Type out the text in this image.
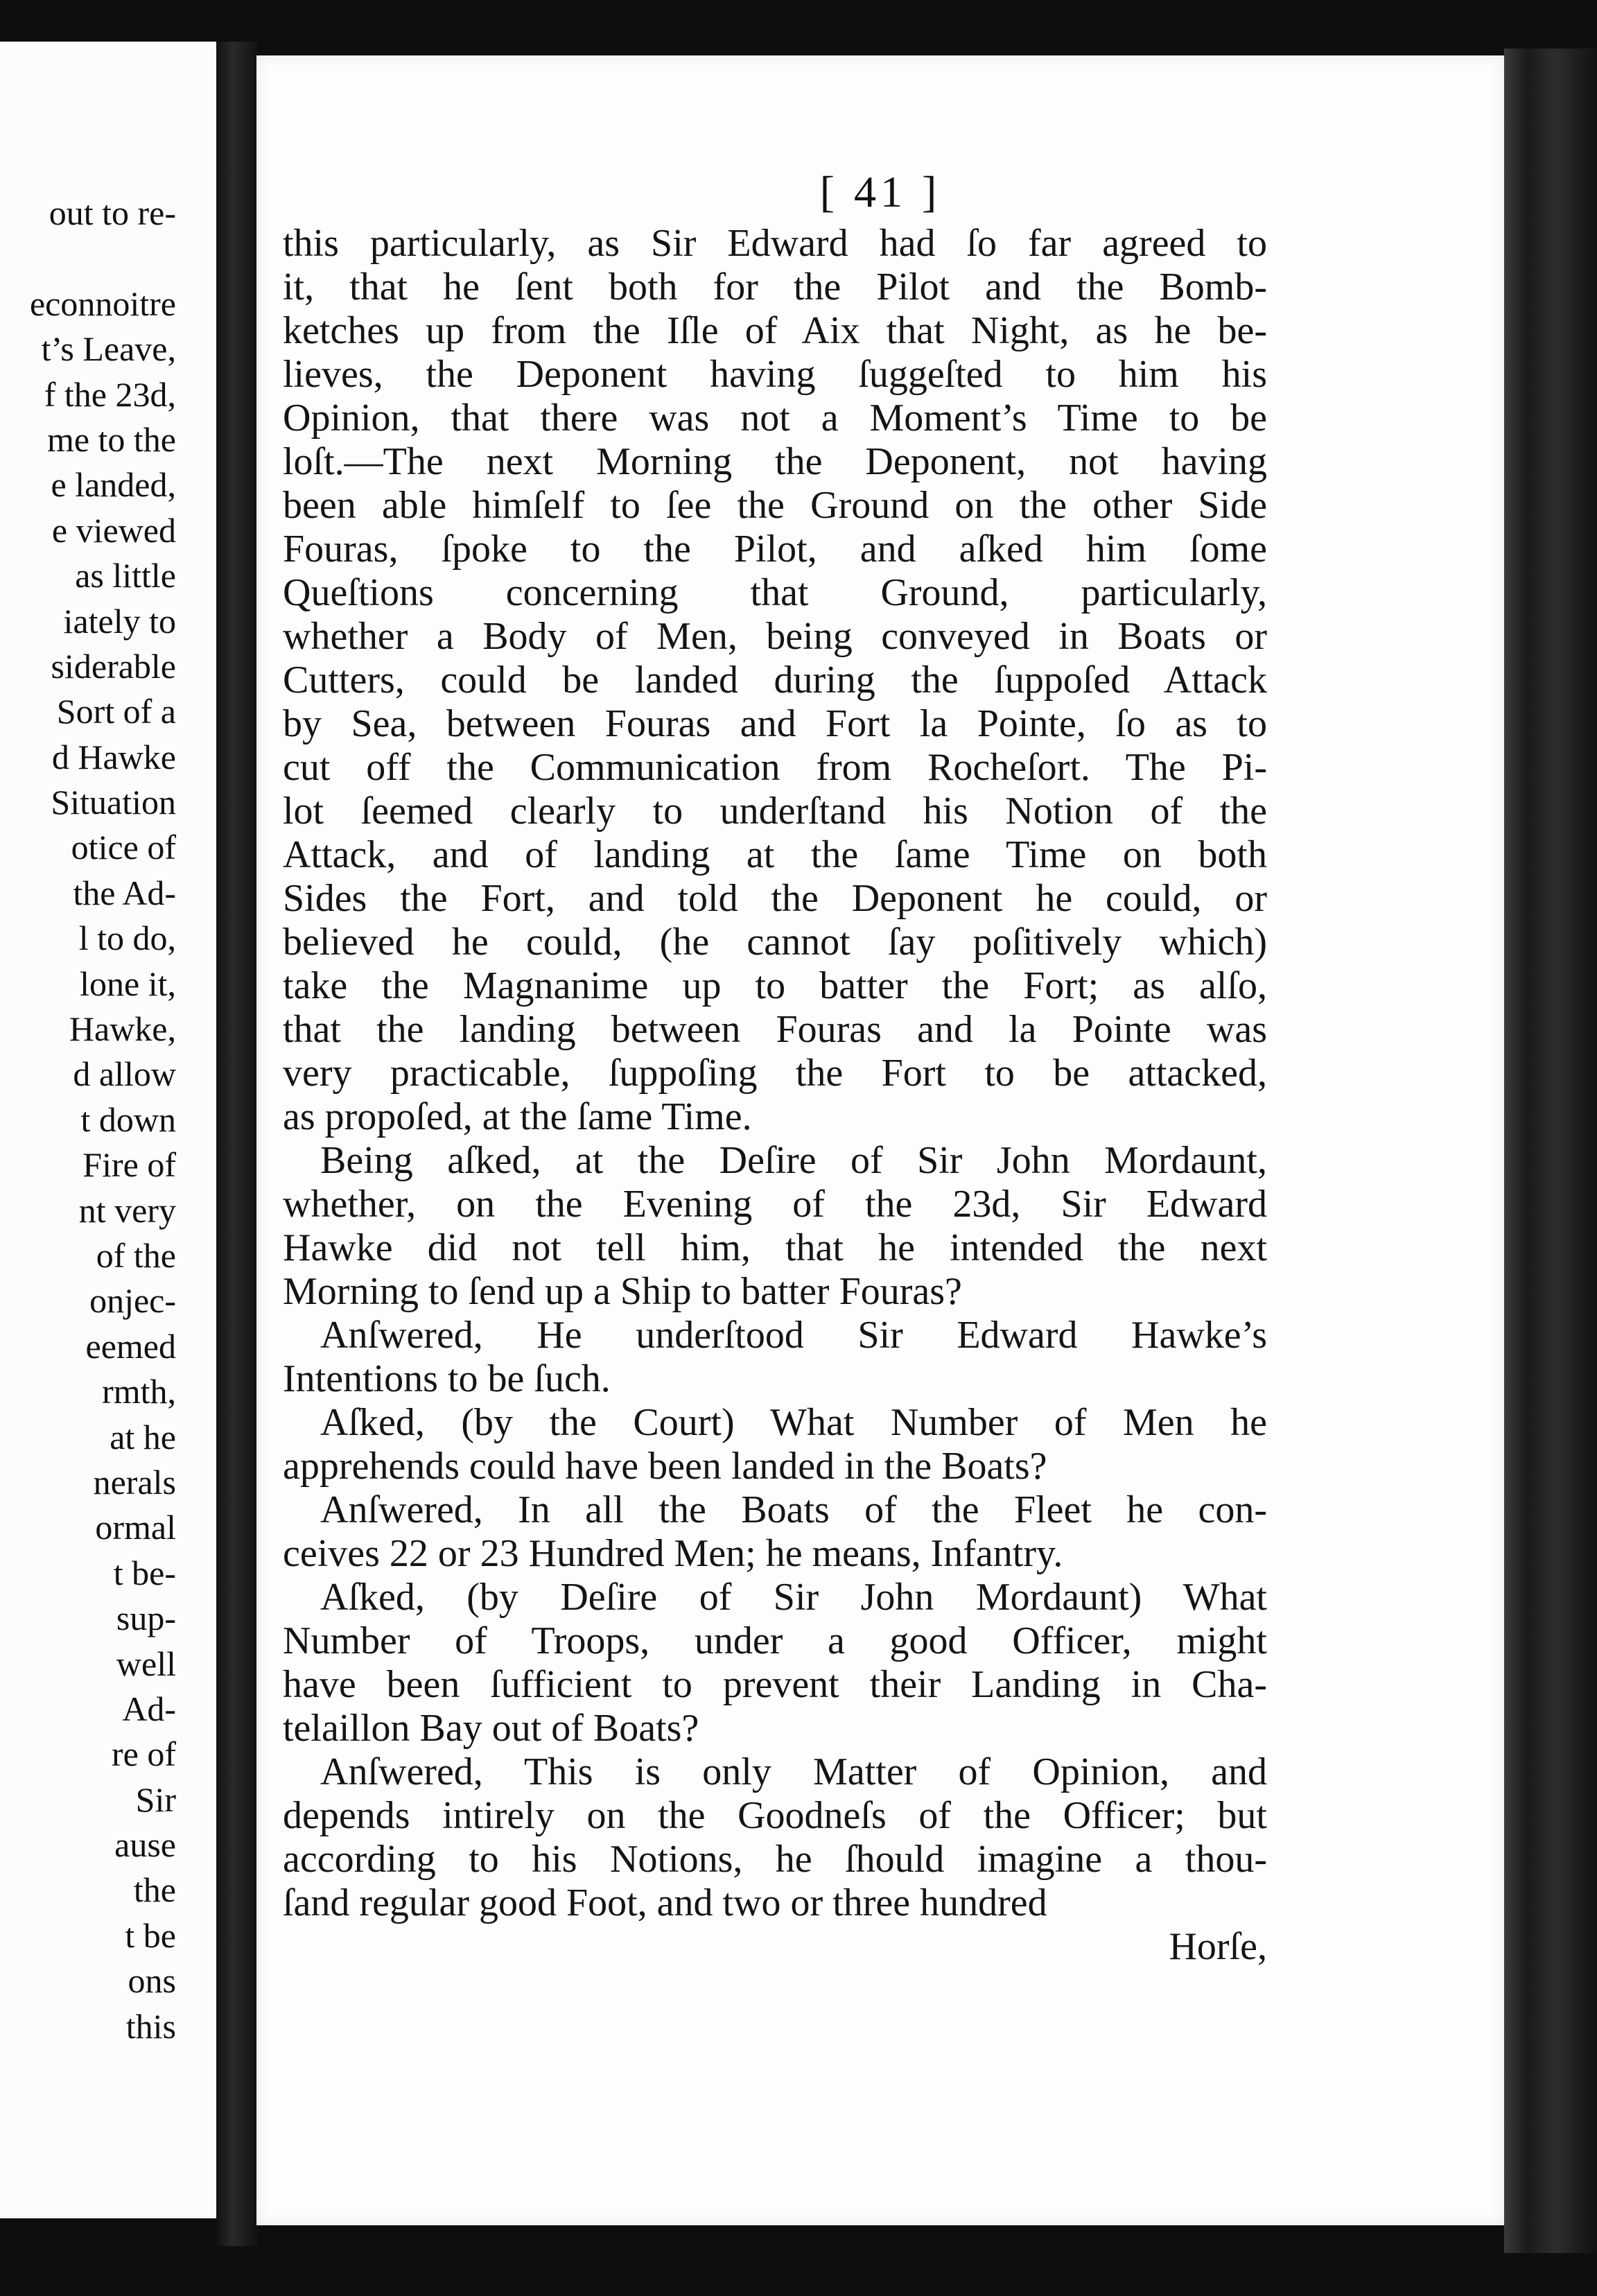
out to re-
econnoitre
t’s Leave,
f the 23d,
me to the
e landed,
e viewed
as little
iately to
siderable
Sort of a
d Hawke
Situation
otice of
the Ad-
l to do,
lone it,
Hawke,
d allow
t down
Fire of
nt very
of the
onjec-
eemed
rmth,
at he
nerals
ormal
t be-
sup-
well
Ad-
re of
Sir
ause
the
t be
ons
this
[ 41 ]
this particularly, as Sir Edward had ſo far agreed to
it, that he ſent both for the Pilot and the Bomb-
ketches up from the Iſle of Aix that Night, as he be-
lieves, the Deponent having ſuggeſted to him his
Opinion, that there was not a Moment’s Time to be
loſt.—The next Morning the Deponent, not having
been able himſelf to ſee the Ground on the other Side
Fouras, ſpoke to the Pilot, and aſked him ſome
Queſtions concerning that Ground, particularly,
whether a Body of Men, being conveyed in Boats or
Cutters, could be landed during the ſuppoſed Attack
by Sea, between Fouras and Fort la Pointe, ſo as to
cut off the Communication from Rocheſort. The Pi-
lot ſeemed clearly to underſtand his Notion of the
Attack, and of landing at the ſame Time on both
Sides the Fort, and told the Deponent he could, or
believed he could, (he cannot ſay poſitively which)
take the Magnanime up to batter the Fort; as alſo,
that the landing between Fouras and la Pointe was
very practicable, ſuppoſing the Fort to be attacked,
as propoſed, at the ſame Time.
Being aſked, at the Deſire of Sir John Mordaunt,
whether, on the Evening of the 23d, Sir Edward
Hawke did not tell him, that he intended the next
Morning to ſend up a Ship to batter Fouras?
Anſwered, He underſtood Sir Edward Hawke’s
Intentions to be ſuch.
Aſked, (by the Court) What Number of Men he
apprehends could have been landed in the Boats?
Anſwered, In all the Boats of the Fleet he con-
ceives 22 or 23 Hundred Men; he means, Infantry.
Aſked, (by Deſire of Sir John Mordaunt) What
Number of Troops, under a good Officer, might
have been ſufficient to prevent their Landing in Cha-
telaillon Bay out of Boats?
Anſwered, This is only Matter of Opinion, and
depends intirely on the Goodneſs of the Officer; but
according to his Notions, he ſhould imagine a thou-
ſand regular good Foot, and two or three hundred
Horſe,
